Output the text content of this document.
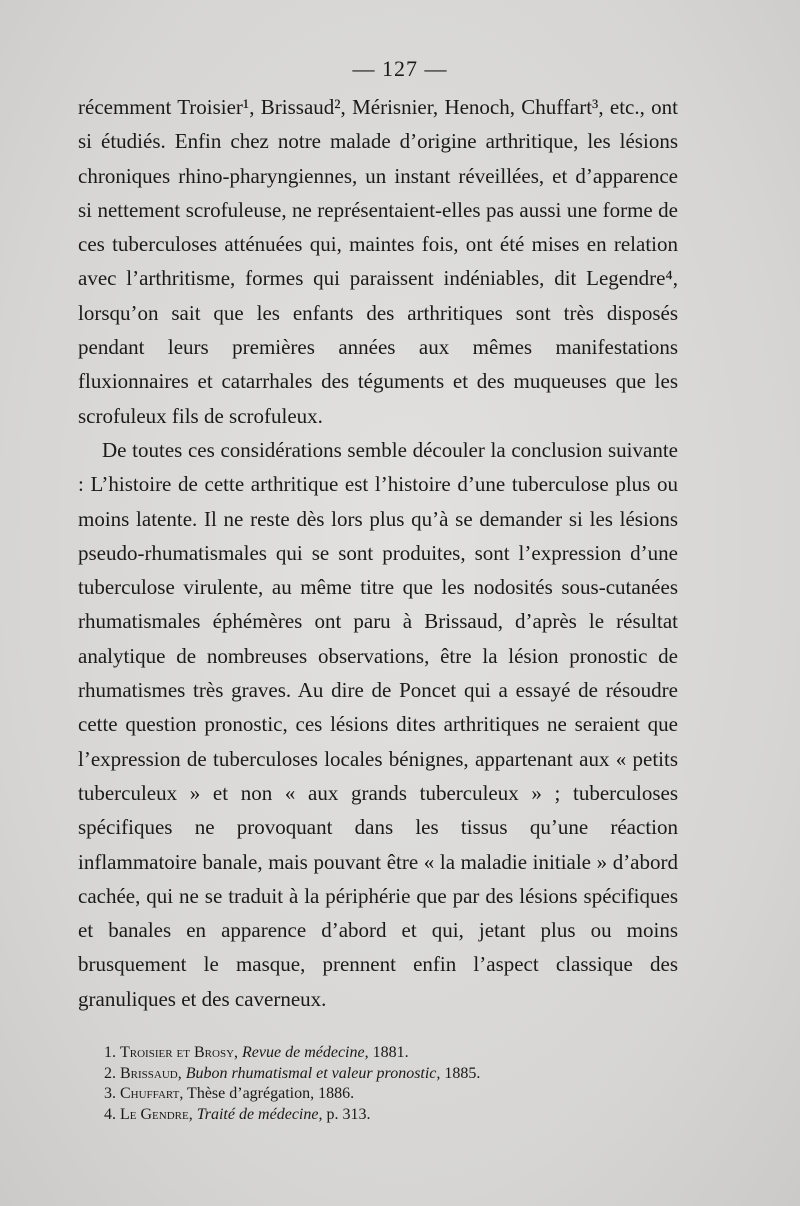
— 127 —

récemment Troisier¹, Brissaud², Mérisnier, Henoch, Chuffart³, etc., ont si étudiés. Enfin chez notre malade d’origine arthritique, les lésions chroniques rhino-pharyngiennes, un instant réveillées, et d’apparence si nettement scrofuleuse, ne représentaient-elles pas aussi une forme de ces tuberculoses atténuées qui, maintes fois, ont été mises en relation avec l’arthritisme, formes qui paraissent indéniables, dit Legendre⁴, lorsqu’on sait que les enfants des arthritiques sont très disposés pendant leurs premières années aux mêmes manifestations fluxionnaires et catarrhales des téguments et des muqueuses que les scrofuleux fils de scrofuleux.

De toutes ces considérations semble découler la conclusion suivante : L’histoire de cette arthritique est l’histoire d’une tuberculose plus ou moins latente. Il ne reste dès lors plus qu’à se demander si les lésions pseudo-rhumatismales qui se sont produites, sont l’expression d’une tuberculose virulente, au même titre que les nodosités sous-cutanées rhumatismales éphémères ont paru à Brissaud, d’après le résultat analytique de nombreuses observations, être la lésion pronostic de rhumatismes très graves. Au dire de Poncet qui a essayé de résoudre cette question pronostic, ces lésions dites arthritiques ne seraient que l’expression de tuberculoses locales bénignes, appartenant aux « petits tuberculeux » et non « aux grands tuberculeux » ; tuberculoses spécifiques ne provoquant dans les tissus qu’une réaction inflammatoire banale, mais pouvant être « la maladie initiale » d’abord cachée, qui ne se traduit à la périphérie que par des lésions spécifiques et banales en apparence d’abord et qui, jetant plus ou moins brusquement le masque, prennent enfin l’aspect classique des granuliques et des caverneux.

1. Troisier et Brosy, Revue de médecine, 1881.
2. Brissaud, Bubon rhumatismal et valeur pronostic, 1885.
3. Chuffart, Thèse d’agrégation, 1886.
4. Le Gendre, Traité de médecine, p. 313.
